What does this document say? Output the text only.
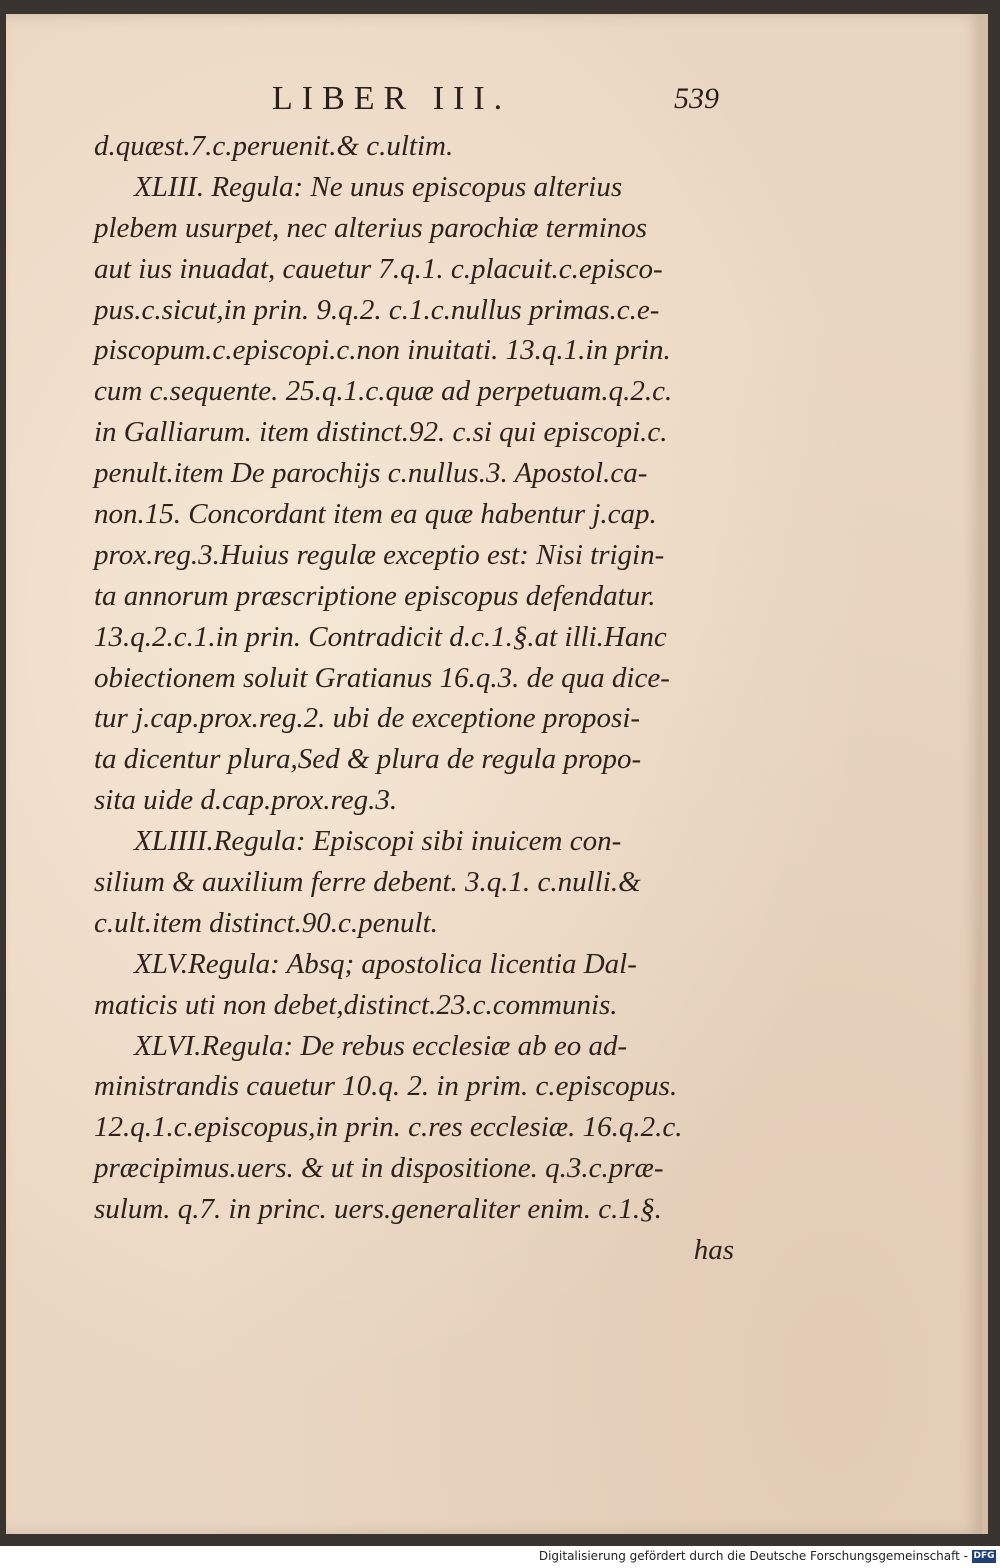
LIBER III.	539
d.quæst.7.c.peruenit.& c.ultim.
XLIII. Regula: Ne unus episcopus alterius
plebem usurpet, nec alterius parochiæ terminos
aut ius inuadat, cauetur 7.q.1. c.placuit.c.episco-
pus.c.sicut,in prin. 9.q.2. c.1.c.nullus primas.c.e-
piscopum.c.episcopi.c.non inuitati. 13.q.1.in prin.
cum c.sequente. 25.q.1.c.quæ ad perpetuam.q.2.c.
in Galliarum. item distinct.92. c.si qui episcopi.c.
penult.item De parochijs c.nullus.3. Apostol.ca-
non.15. Concordant item ea quæ habentur j.cap.
prox.reg.3.Huius regulæ exceptio est: Nisi trigin-
ta annorum præscriptione episcopus defendatur.
13.q.2.c.1.in prin. Contradicit d.c.1.§.at illi.Hanc
obiectionem soluit Gratianus 16.q.3. de qua dice-
tur j.cap.prox.reg.2. ubi de exceptione proposi-
ta dicentur plura,Sed & plura de regula propo-
sita uide d.cap.prox.reg.3.
XLIIII.Regula: Episcopi sibi inuicem con-
silium & auxilium ferre debent. 3.q.1. c.nulli.&
c.ult.item distinct.90.c.penult.
XLV.Regula: Absq; apostolica licentia Dal-
maticis uti non debet,distinct.23.c.communis.
XLVI.Regula: De rebus ecclesiæ ab eo ad-
ministrandis cauetur 10.q. 2. in prim. c.episcopus.
12.q.1.c.episcopus,in prin. c.res ecclesiæ. 16.q.2.c.
præcipimus.uers. & ut in dispositione. q.3.c.præ-
sulum. q.7. in princ. uers.generaliter enim. c.1.§.
has
Digitalisierung gefördert durch die Deutsche Forschungsgemeinschaft - DFG
